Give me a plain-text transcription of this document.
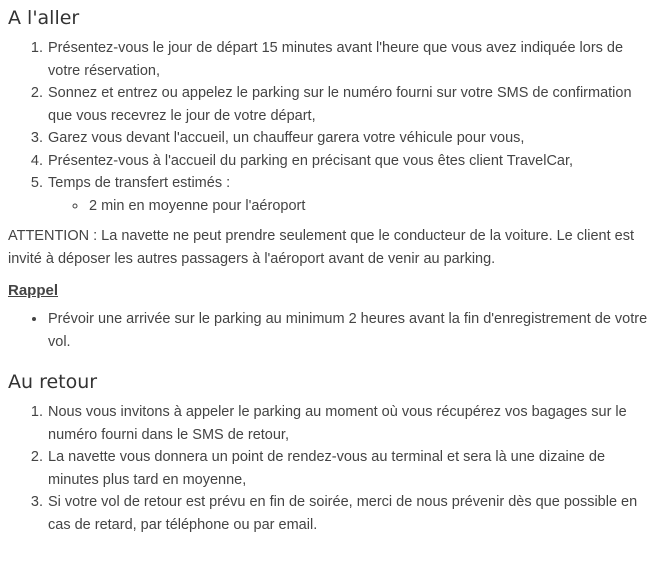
A l'aller
1. Présentez-vous le jour de départ 15 minutes avant l'heure que vous avez indiquée lors de votre réservation,
2. Sonnez et entrez ou appelez le parking sur le numéro fourni sur votre SMS de confirmation que vous recevrez le jour de votre départ,
3. Garez vous devant l'accueil, un chauffeur garera votre véhicule pour vous,
4. Présentez-vous à l'accueil du parking en précisant que vous êtes client TravelCar,
5. Temps de transfert estimés :
◦ 2 min en moyenne pour l'aéroport

ATTENTION : La navette ne peut prendre seulement que le conducteur de la voiture. Le client est invité à déposer les autres passagers à l'aéroport avant de venir au parking.

Rappel
• Prévoir une arrivée sur le parking au minimum 2 heures avant la fin d'enregistrement de votre vol.
Au retour
1. Nous vous invitons à appeler le parking au moment où vous récupérez vos bagages sur le numéro fourni dans le SMS de retour,
2. La navette vous donnera un point de rendez-vous au terminal et sera là une dizaine de minutes plus tard en moyenne,
3. Si votre vol de retour est prévu en fin de soirée, merci de nous prévenir dès que possible en cas de retard, par téléphone ou par email.
